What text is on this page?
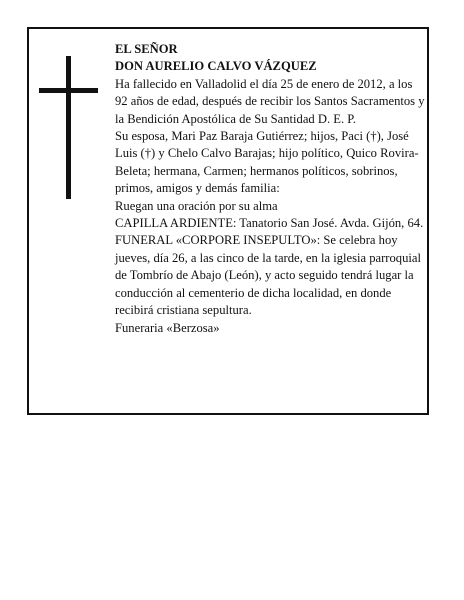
EL SEÑOR

DON AURELIO CALVO VÁZQUEZ

Ha fallecido en Valladolid el día 25 de enero de 2012, a los 92 años de edad, después de recibir los Santos Sacramentos y la Bendición Apostólica de Su Santidad D. E. P.

Su esposa, Mari Paz Baraja Gutiérrez; hijos, Paci (†), José Luis (†) y Chelo Calvo Barajas; hijo político, Quico Rovira-Beleta; hermana, Carmen; hermanos políticos, sobrinos, primos, amigos y demás familia:

Ruegan una oración por su alma

CAPILLA ARDIENTE: Tanatorio San José. Avda. Gijón, 64.

FUNERAL «CORPORE INSEPULTO»: Se celebra hoy jueves, día 26, a las cinco de la tarde, en la iglesia parroquial de Tombrío de Abajo (León), y acto seguido tendrá lugar la conducción al cementerio de dicha localidad, en donde recibirá cristiana sepultura.

Funeraria «Berzosa»
